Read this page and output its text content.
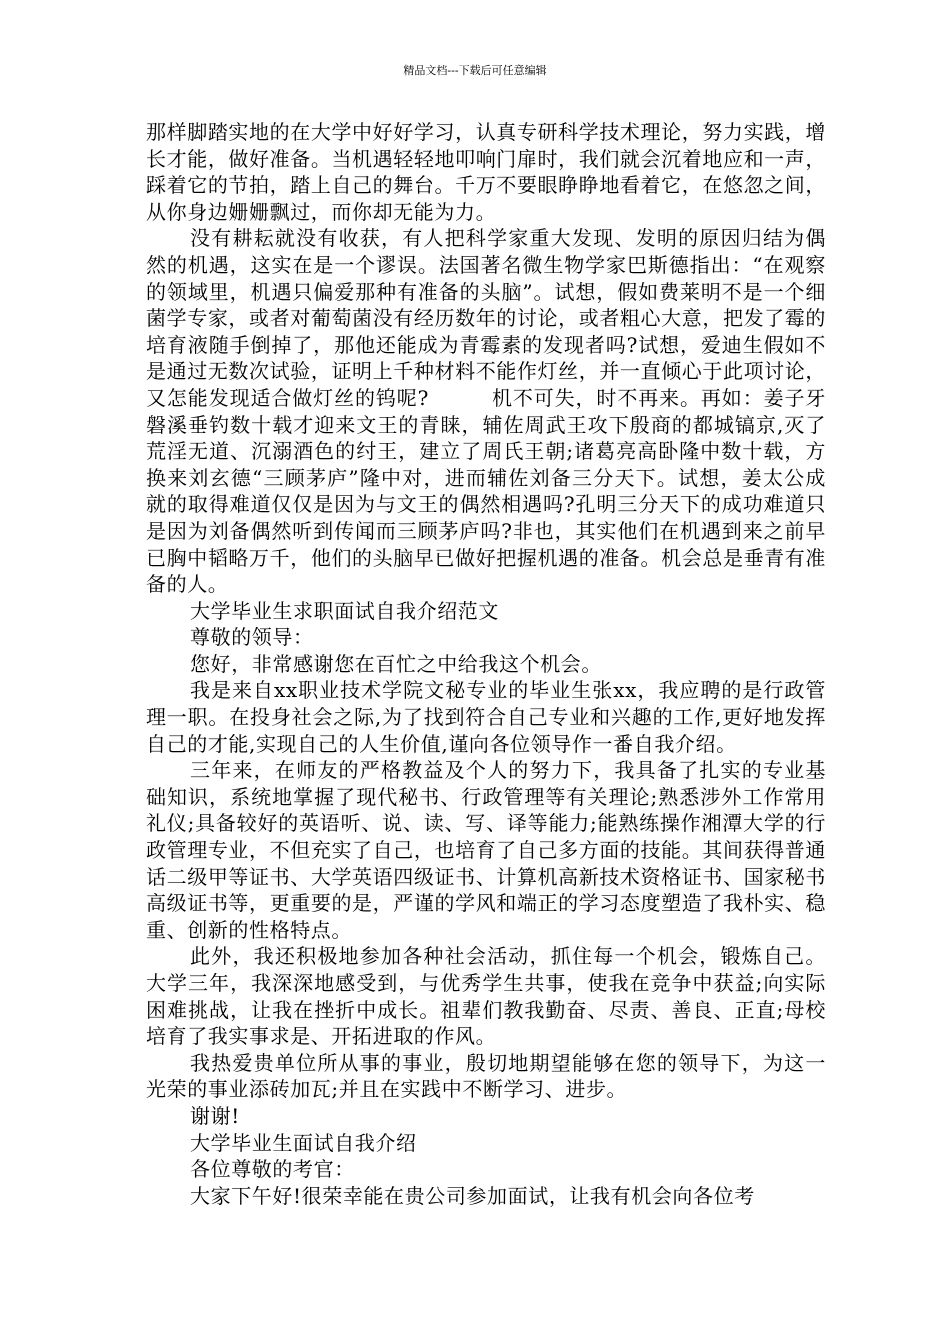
精品文档---下载后可任意编辑

那样脚踏实地的在大学中好好学习，认真专研科学技术理论，努力实践，增长才能，做好准备。当机遇轻轻地叩响门扉时，我们就会沉着地应和一声，踩着它的节拍，踏上自己的舞台。千万不要眼睁睁地看着它，在悠忽之间，从你身边姗姗飘过，而你却无能为力。

没有耕耘就没有收获，有人把科学家重大发现、发明的原因归结为偶然的机遇，这实在是一个谬误。法国著名微生物学家巴斯德指出：“在观察的领域里，机遇只偏爱那种有准备的头脑”。试想，假如费莱明不是一个细菌学专家，或者对葡萄菌没有经历数年的讨论，或者粗心大意，把发了霉的培育液随手倒掉了，那他还能成为青霉素的发现者吗?试想，爱迪生假如不是通过无数次试验，证明上千种材料不能作灯丝，并一直倾心于此项讨论，又怎能发现适合做灯丝的钨呢?　　　机不可失，时不再来。再如：姜子牙磐溪垂钓数十载才迎来文王的青睐，辅佐周武王攻下殷商的都城镐京,灭了荒淫无道、沉溺酒色的纣王，建立了周氏王朝;诸葛亮高卧隆中数十载，方换来刘玄德“三顾茅庐”隆中对，进而辅佐刘备三分天下。试想，姜太公成就的取得难道仅仅是因为与文王的偶然相遇吗?孔明三分天下的成功难道只是因为刘备偶然听到传闻而三顾茅庐吗?非也，其实他们在机遇到来之前早已胸中韬略万千，他们的头脑早已做好把握机遇的准备。机会总是垂青有准备的人。

大学毕业生求职面试自我介绍范文

尊敬的领导：

您好，非常感谢您在百忙之中给我这个机会。

我是来自xx职业技术学院文秘专业的毕业生张xx，我应聘的是行政管理一职。在投身社会之际,为了找到符合自己专业和兴趣的工作,更好地发挥自己的才能,实现自己的人生价值,谨向各位领导作一番自我介绍。

三年来，在师友的严格教益及个人的努力下，我具备了扎实的专业基础知识，系统地掌握了现代秘书、行政管理等有关理论;熟悉涉外工作常用礼仪;具备较好的英语听、说、读、写、译等能力;能熟练操作湘潭大学的行政管理专业，不但充实了自己，也培育了自己多方面的技能。其间获得普通话二级甲等证书、大学英语四级证书、计算机高新技术资格证书、国家秘书高级证书等，更重要的是，严谨的学风和端正的学习态度塑造了我朴实、稳重、创新的性格特点。

此外，我还积极地参加各种社会活动，抓住每一个机会，锻炼自己。大学三年，我深深地感受到，与优秀学生共事，使我在竞争中获益;向实际困难挑战，让我在挫折中成长。祖辈们教我勤奋、尽责、善良、正直;母校培育了我实事求是、开拓进取的作风。

我热爱贵单位所从事的事业，殷切地期望能够在您的领导下，为这一光荣的事业添砖加瓦;并且在实践中不断学习、进步。

谢谢!

大学毕业生面试自我介绍

各位尊敬的考官：

大家下午好!很荣幸能在贵公司参加面试，让我有机会向各位考
